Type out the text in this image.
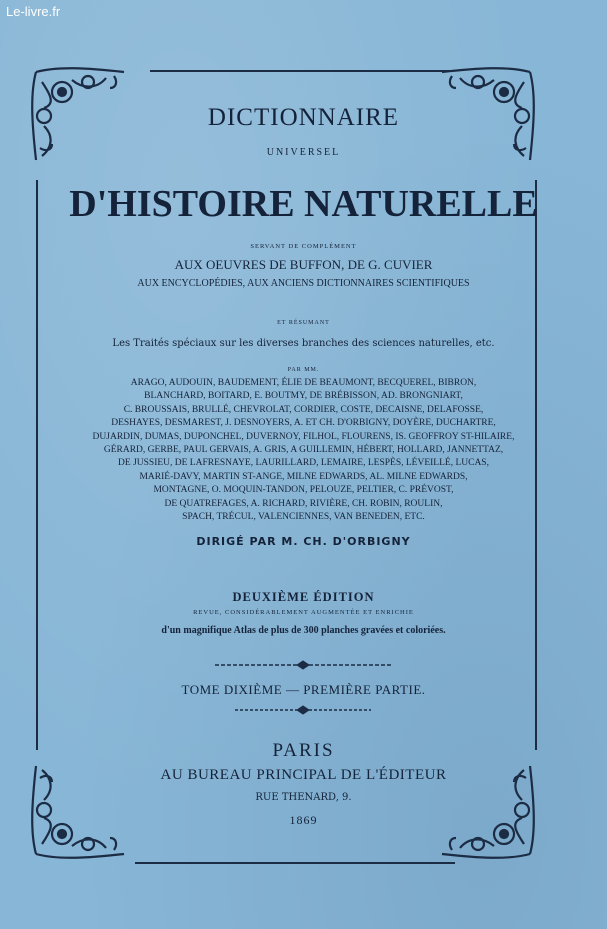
Le-livre.fr
DICTIONNAIRE
UNIVERSEL
D'HISTOIRE NATURELLE
SERVANT DE COMPLÉMENT
AUX OEUVRES DE BUFFON, DE G. CUVIER
AUX ENCYCLOPÉDIES, AUX ANCIENS DICTIONNAIRES SCIENTIFIQUES
ET RÉSUMANT
Les Traités spéciaux sur les diverses branches des sciences naturelles, etc.
PAR MM.
ARAGO, AUDOUIN, BAUDEMENT, ÉLIE DE BEAUMONT, BECQUEREL, BIBRON,
BLANCHARD, BOITARD, E. BOUTMY, DE BRÉBISSON, AD. BRONGNIART,
C. BROUSSAIS, BRULLÉ, CHEVROLAT, CORDIER, COSTE, DECAISNE, DELAFOSSE,
DESHAYES, DESMAREST, J. DESNOYERS, A. ET CH. D'ORBIGNY, DOYÈRE, DUCHARTRE,
DUJARDIN, DUMAS, DUPONCHEL, DUVERNOY, FILHOL, FLOURENS, IS. GEOFFROY ST-HILAIRE,
GÉRARD, GERBE, PAUL GERVAIS, A. GRIS, A GUILLEMIN, HÉBERT, HOLLARD, JANNETTAZ,
DE JUSSIEU, DE LAFRESNAYE, LAURILLARD, LEMAIRE, LESPÈS, LÉVEILLÉ, LUCAS,
MARIÉ-DAVY, MARTIN ST-ANGE, MILNE EDWARDS, AL. MILNE EDWARDS,
MONTAGNE, O. MOQUIN-TANDON, PELOUZE, PELTIER, C. PRÉVOST,
DE QUATREFAGES, A. RICHARD, RIVIÈRE, CH. ROBIN, ROULIN,
SPACH, TRÉCUL, VALENCIENNES, VAN BENEDEN, ETC.
DIRIGÉ PAR M. CH. D'ORBIGNY
DEUXIÈME ÉDITION
REVUE, CONSIDÉRABLEMENT AUGMENTÉE ET ENRICHIE
d'un magnifique Atlas de plus de 300 planches gravées et coloriées.
TOME DIXIÈME — PREMIÈRE PARTIE.
PARIS
AU BUREAU PRINCIPAL DE L'ÉDITEUR
RUE THENARD, 9.
1869
